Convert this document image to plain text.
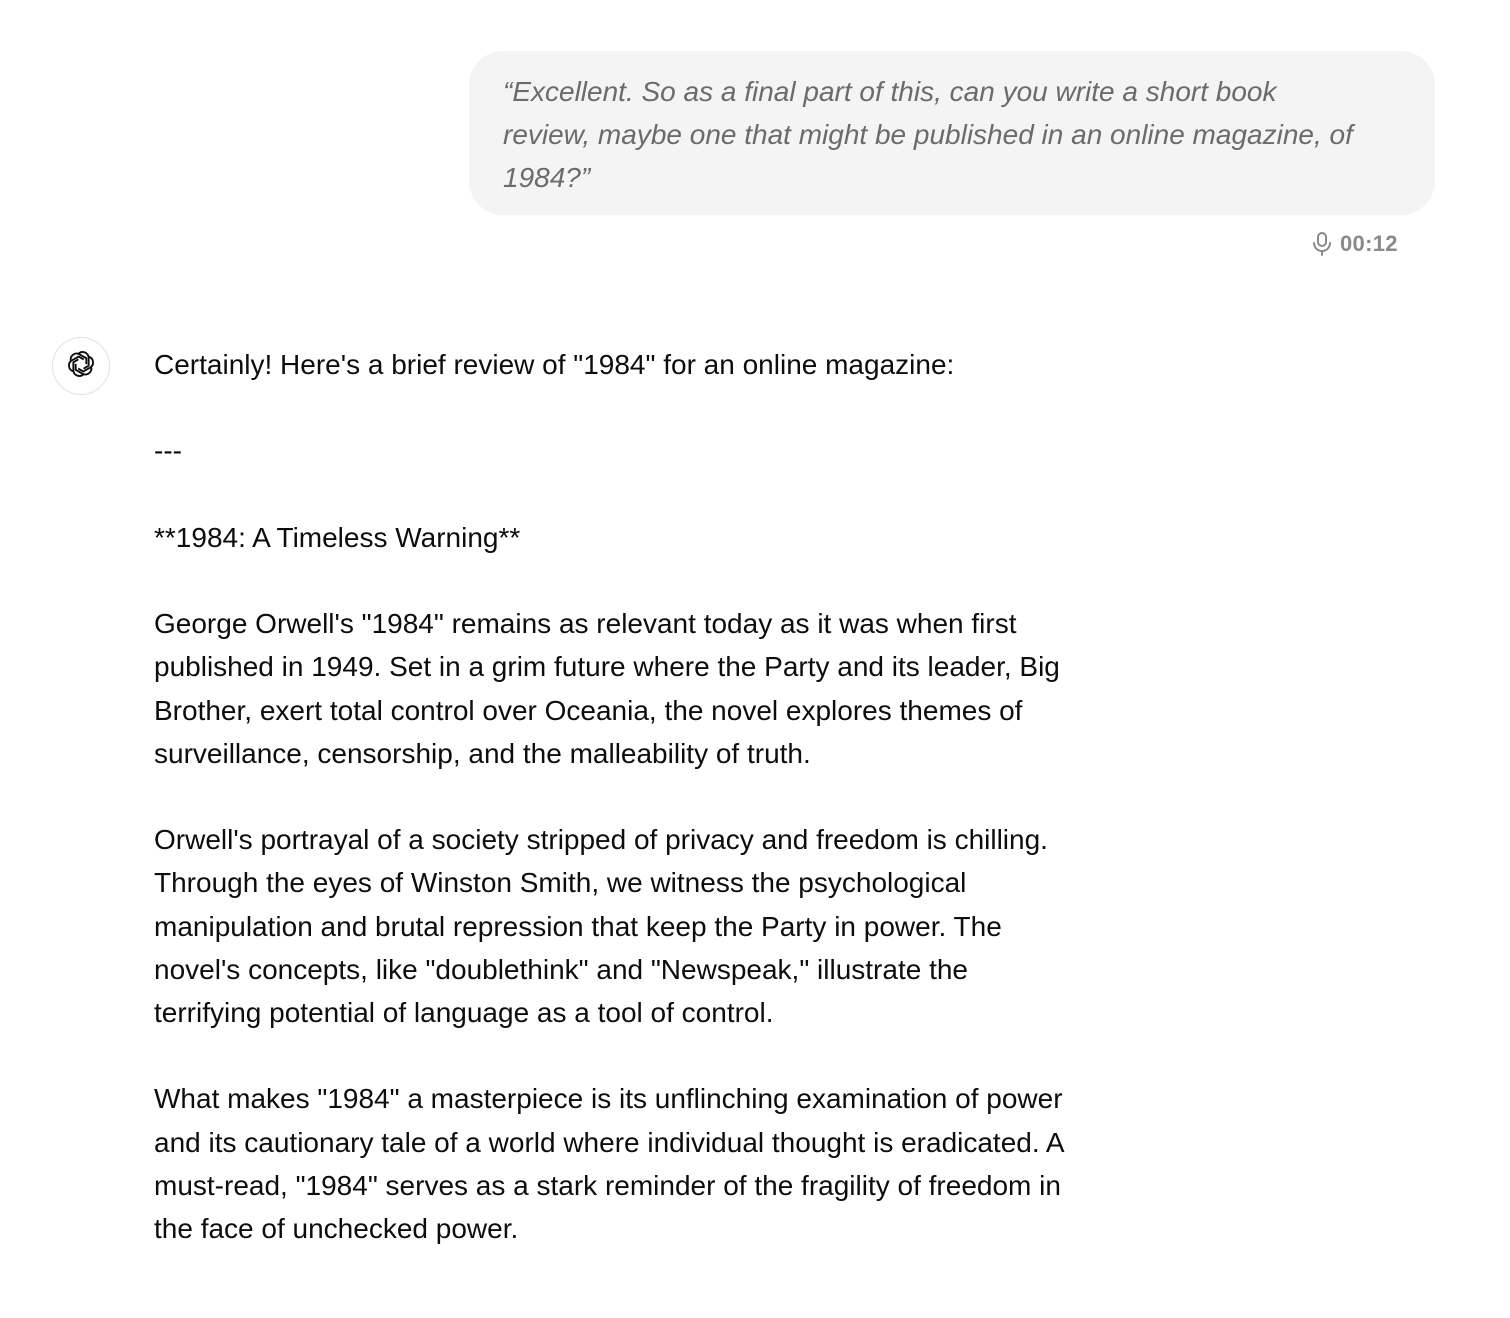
“Excellent. So as a final part of this, can you write a short book
review, maybe one that might be published in an online magazine, of
1984?”

00:12

Certainly! Here's a brief review of "1984" for an online magazine:

---

**1984: A Timeless Warning**

George Orwell's "1984" remains as relevant today as it was when first published in 1949. Set in a grim future where the Party and its leader, Big Brother, exert total control over Oceania, the novel explores themes of surveillance, censorship, and the malleability of truth.

Orwell's portrayal of a society stripped of privacy and freedom is chilling. Through the eyes of Winston Smith, we witness the psychological manipulation and brutal repression that keep the Party in power. The novel's concepts, like "doublethink" and "Newspeak," illustrate the terrifying potential of language as a tool of control.

What makes "1984" a masterpiece is its unflinching examination of power and its cautionary tale of a world where individual thought is eradicated. A must-read, "1984" serves as a stark reminder of the fragility of freedom in the face of unchecked power.
